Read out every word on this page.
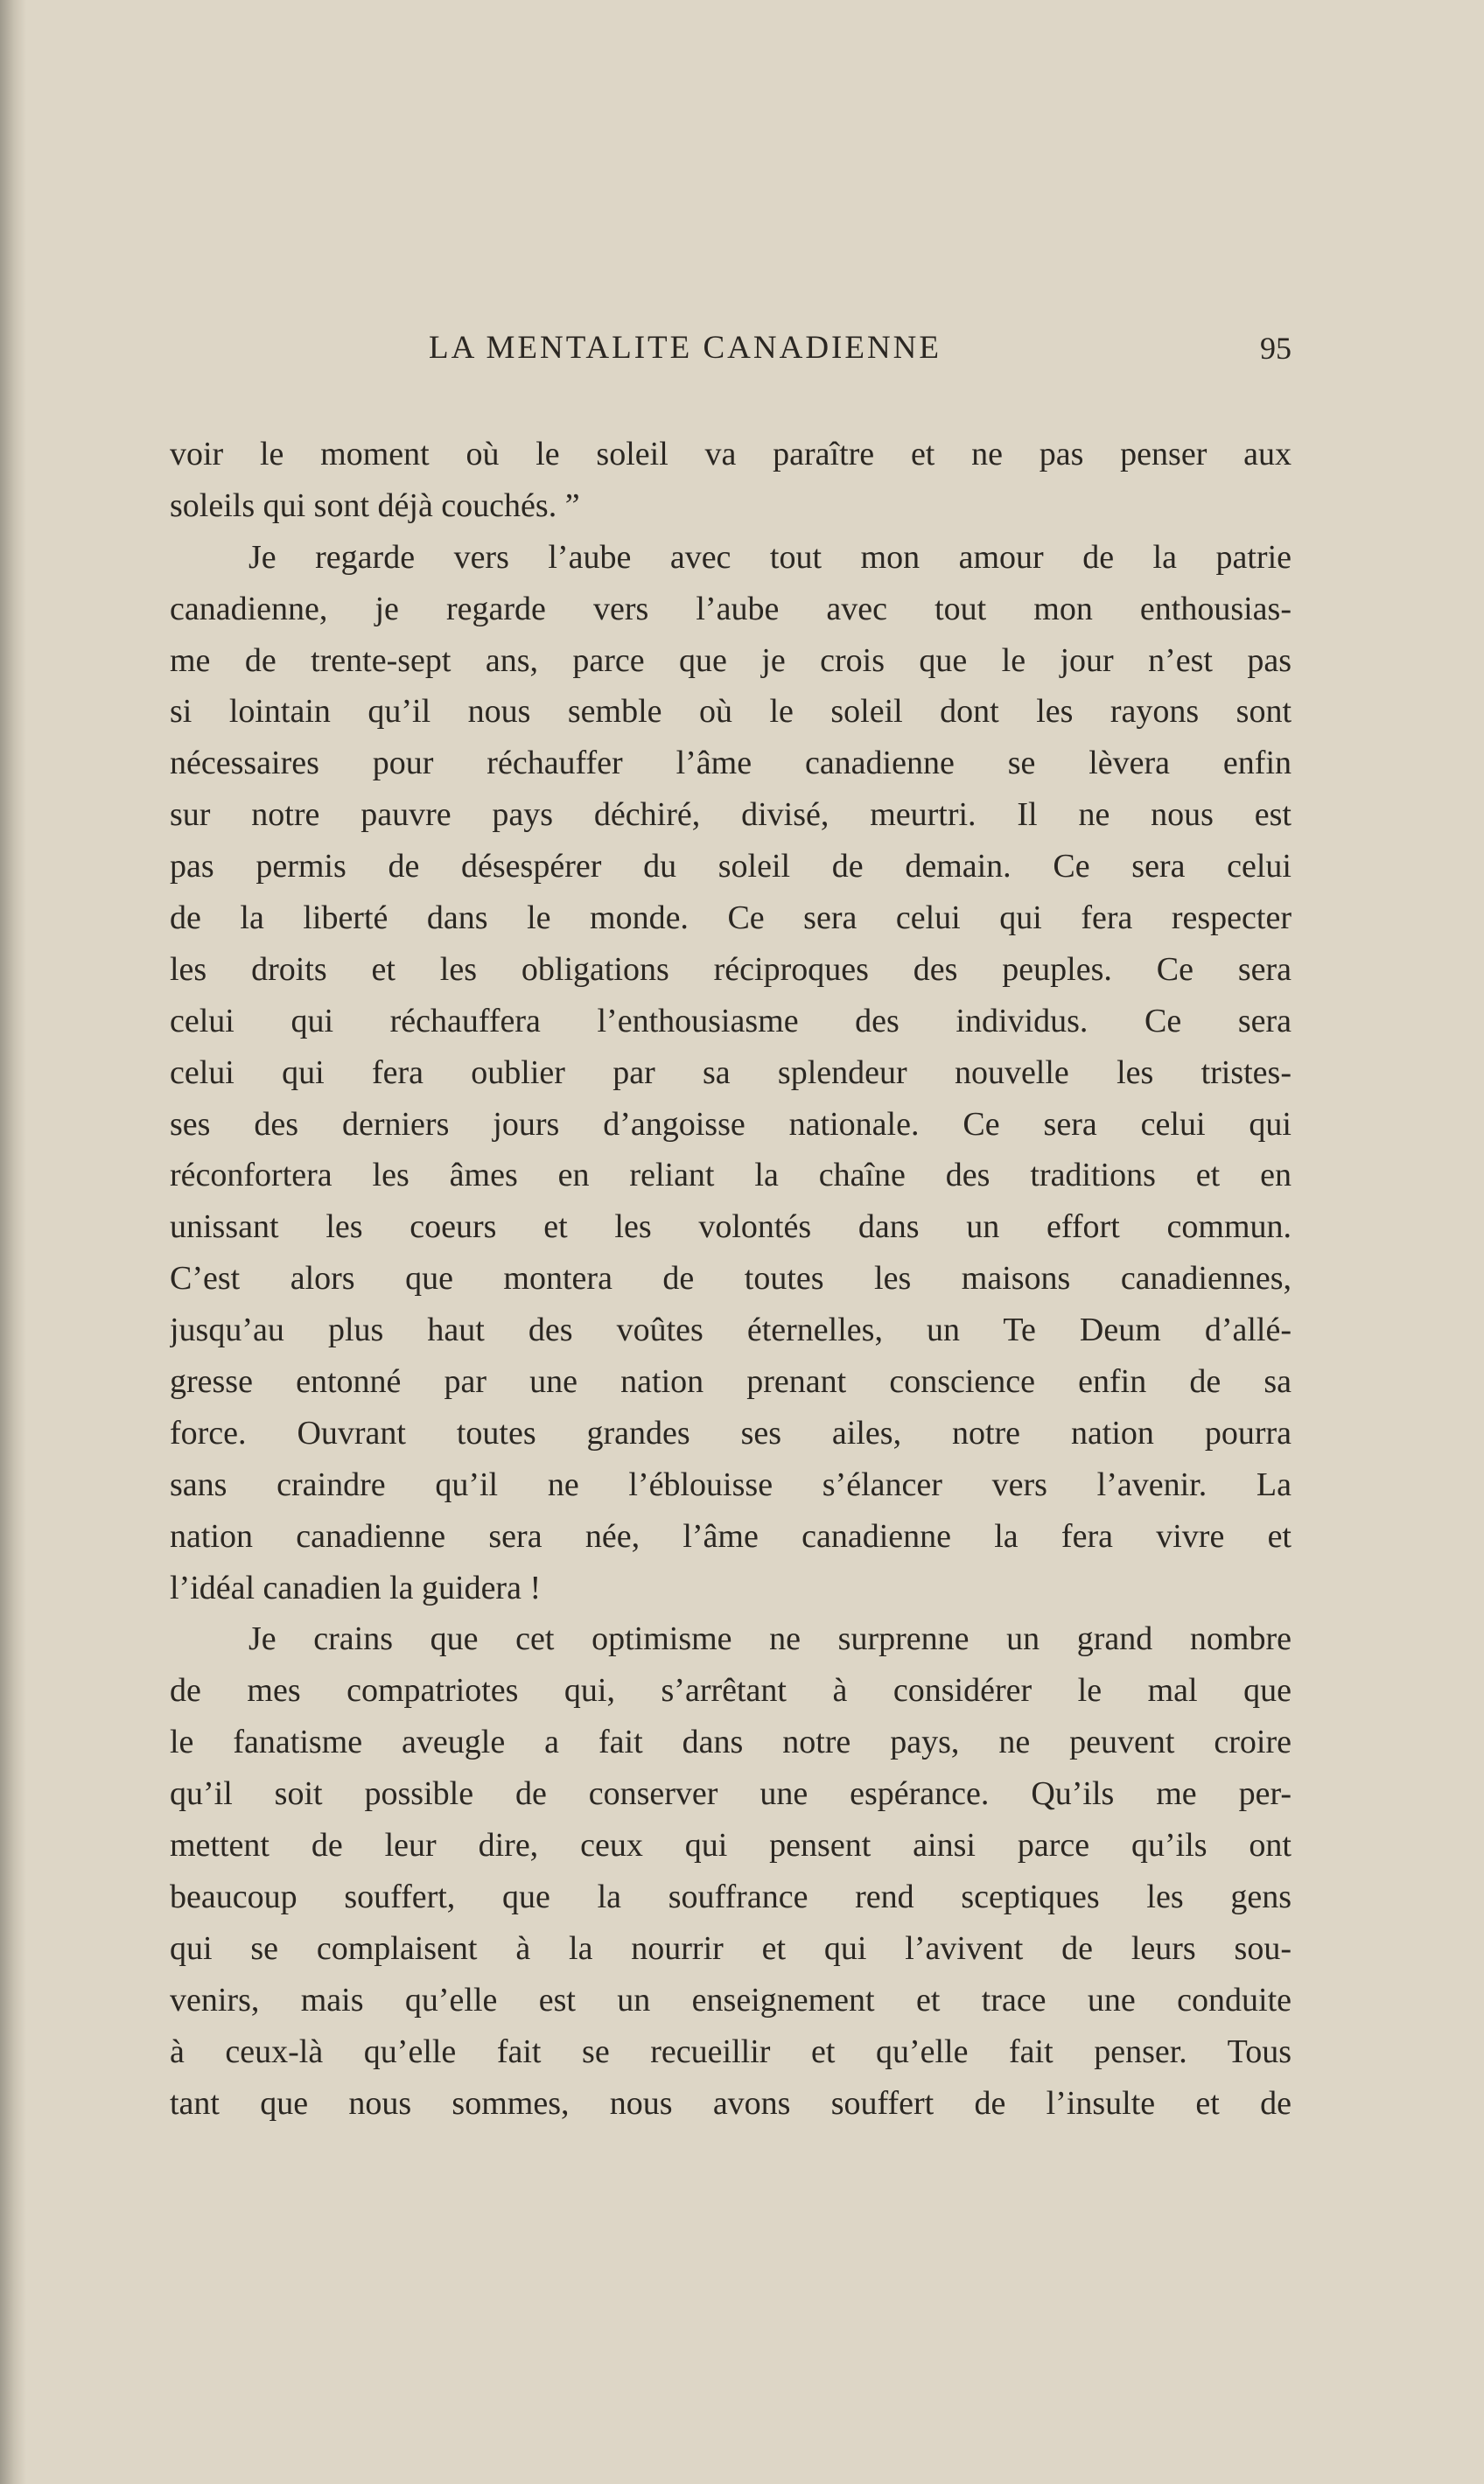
LA MENTALITE CANADIENNE	95
voir le moment où le soleil va paraître et ne pas penser aux
soleils qui sont déjà couchés. ”
Je regarde vers l’aube avec tout mon amour de la patrie
canadienne, je regarde vers l’aube avec tout mon enthousias-
me de trente-sept ans, parce que je crois que le jour n’est pas
si lointain qu’il nous semble où le soleil dont les rayons sont
nécessaires pour réchauffer l’âme canadienne se lèvera enfin
sur notre pauvre pays déchiré, divisé, meurtri. Il ne nous est
pas permis de désespérer du soleil de demain. Ce sera celui
de la liberté dans le monde. Ce sera celui qui fera respecter
les droits et les obligations réciproques des peuples. Ce sera
celui qui réchauffera l’enthousiasme des individus. Ce sera
celui qui fera oublier par sa splendeur nouvelle les tristes-
ses des derniers jours d’angoisse nationale. Ce sera celui qui
réconfortera les âmes en reliant la chaîne des traditions et en
unissant les coeurs et les volontés dans un effort commun.
C’est alors que montera de toutes les maisons canadiennes,
jusqu’au plus haut des voûtes éternelles, un Te Deum d’allé-
gresse entonné par une nation prenant conscience enfin de sa
force. Ouvrant toutes grandes ses ailes, notre nation pourra
sans craindre qu’il ne l’éblouisse s’élancer vers l’avenir. La
nation canadienne sera née, l’âme canadienne la fera vivre et
l’idéal canadien la guidera !
Je crains que cet optimisme ne surprenne un grand nombre
de mes compatriotes qui, s’arrêtant à considérer le mal que
le fanatisme aveugle a fait dans notre pays, ne peuvent croire
qu’il soit possible de conserver une espérance. Qu’ils me per-
mettent de leur dire, ceux qui pensent ainsi parce qu’ils ont
beaucoup souffert, que la souffrance rend sceptiques les gens
qui se complaisent à la nourrir et qui l’avivent de leurs sou-
venirs, mais qu’elle est un enseignement et trace une conduite
à ceux-là qu’elle fait se recueillir et qu’elle fait penser. Tous
tant que nous sommes, nous avons souffert de l’insulte et de
